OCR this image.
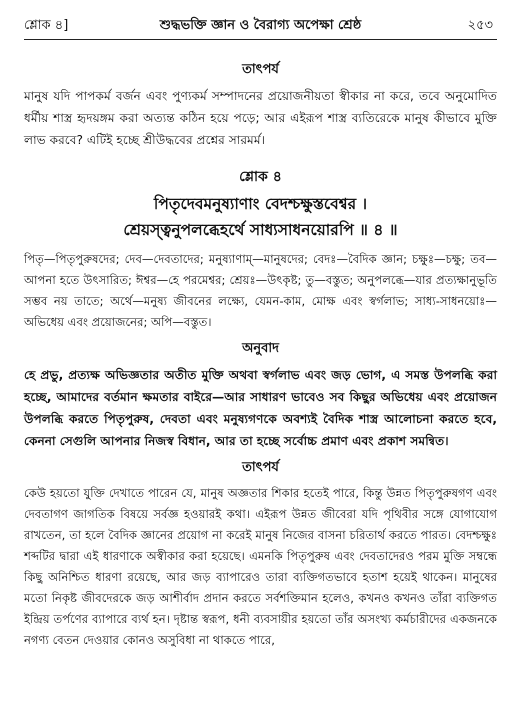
শ্লোক ৪]	শুদ্ধভক্তি জ্ঞান ও বৈরাগ্য অপেক্ষা শ্রেষ্ঠ	২৫৩
তাৎপর্য

মানুষ যদি পাপকর্ম বর্জন এবং পুণ্যকর্ম সম্পাদনের প্রয়োজনীয়তা স্বীকার না করে, তবে অনুমোদিত ধর্মীয় শাস্ত্র হৃদয়ঙ্গম করা অত্যন্ত কঠিন হয়ে পড়ে; আর এইরূপ শাস্ত্র ব্যতিরেকে মানুষ কীভাবে মুক্তি লাভ করবে? এটিই হচ্ছে শ্রীউদ্ধবের প্রশ্নের সারমর্ম।

শ্লোক ৪
পিতৃদেবমনুষ্যাণাং বেদশ্চক্ষুস্তবেশ্বর ।
শ্রেয়স্ত্বনুপলব্ধেহর্থে সাধ্যসাধনয়োরপি ॥ ৪ ॥

পিতৃ—পিতৃপুরুষদের; দেব—দেবতাদের; মনুষ্যাণাম্—মানুষদের; বেদঃ—বৈদিক জ্ঞান; চক্ষুঃ—চক্ষু; তব—আপনা হতে উৎসারিত; ঈশ্বর—হে পরমেশ্বর; শ্রেয়ঃ—উৎকৃষ্ট; তু—বস্তুত; অনুপলব্ধে—যার প্রত্যক্ষানুভূতি সম্ভব নয় তাতে; অর্থে—মনুষ্য জীবনের লক্ষ্যে, যেমন-কাম, মোক্ষ এবং স্বর্গলাভ; সাধ্য-সাধনয়োঃ—অভিধেয় এবং প্রয়োজনের; অপি—বস্তুত।

অনুবাদ

হে প্রভু, প্রত্যক্ষ অভিজ্ঞতার অতীত মুক্তি অথবা স্বর্গলাভ এবং জড় ভোগ, এ সমস্ত উপলব্ধি করা হচ্ছে, আমাদের বর্তমান ক্ষমতার বাইরে—আর সাধারণ ভাবেও সব কিছুর অভিধেয় এবং প্রয়োজন উপলব্ধি করতে পিতৃপুরুষ, দেবতা এবং মনুষ্যগণকে অবশ্যই বৈদিক শাস্ত্র আলোচনা করতে হবে, কেননা সেগুলি আপনার নিজস্ব বিধান, আর তা হচ্ছে সর্বোচ্চ প্রমাণ এবং প্রকাশ সমন্বিত।

তাৎপর্য

কেউ হয়তো যুক্তি দেখাতে পারেন যে, মানুষ অজ্ঞতার শিকার হতেই পারে, কিন্তু উন্নত পিতৃপুরুষগণ এবং দেবতাগণ জাগতিক বিষয়ে সর্বজ্ঞ হওয়ারই কথা। এইরূপ উন্নত জীবেরা যদি পৃথিবীর সঙ্গে যোগাযোগ রাখতেন, তা হলে বৈদিক জ্ঞানের প্রয়োগ না করেই মানুষ নিজের বাসনা চরিতার্থ করতে পারত। বেদশ্চক্ষুঃ শব্দটির দ্বারা এই ধারণাকে অস্বীকার করা হয়েছে। এমনকি পিতৃপুরুষ এবং দেবতাদেরও পরম মুক্তি সম্বন্ধে কিছু অনিশ্চিত ধারণা রয়েছে, আর জড় ব্যাপারেও তারা ব্যক্তিগতভাবে হতাশ হয়েই থাকেন। মানুষের মতো নিকৃষ্ট জীবদেরকে জড় আশীর্বাদ প্রদান করতে সর্বশক্তিমান হলেও, কখনও কখনও তাঁরা ব্যক্তিগত ইন্দ্রিয় তর্পণের ব্যাপারে ব্যর্থ হন। দৃষ্টান্ত স্বরূপ, ধনী ব্যবসায়ীর হয়তো তাঁর অসংখ্য কর্মচারীদের একজনকে নগণ্য বেতন দেওয়ার কোনও অসুবিধা না থাকতে পারে,
